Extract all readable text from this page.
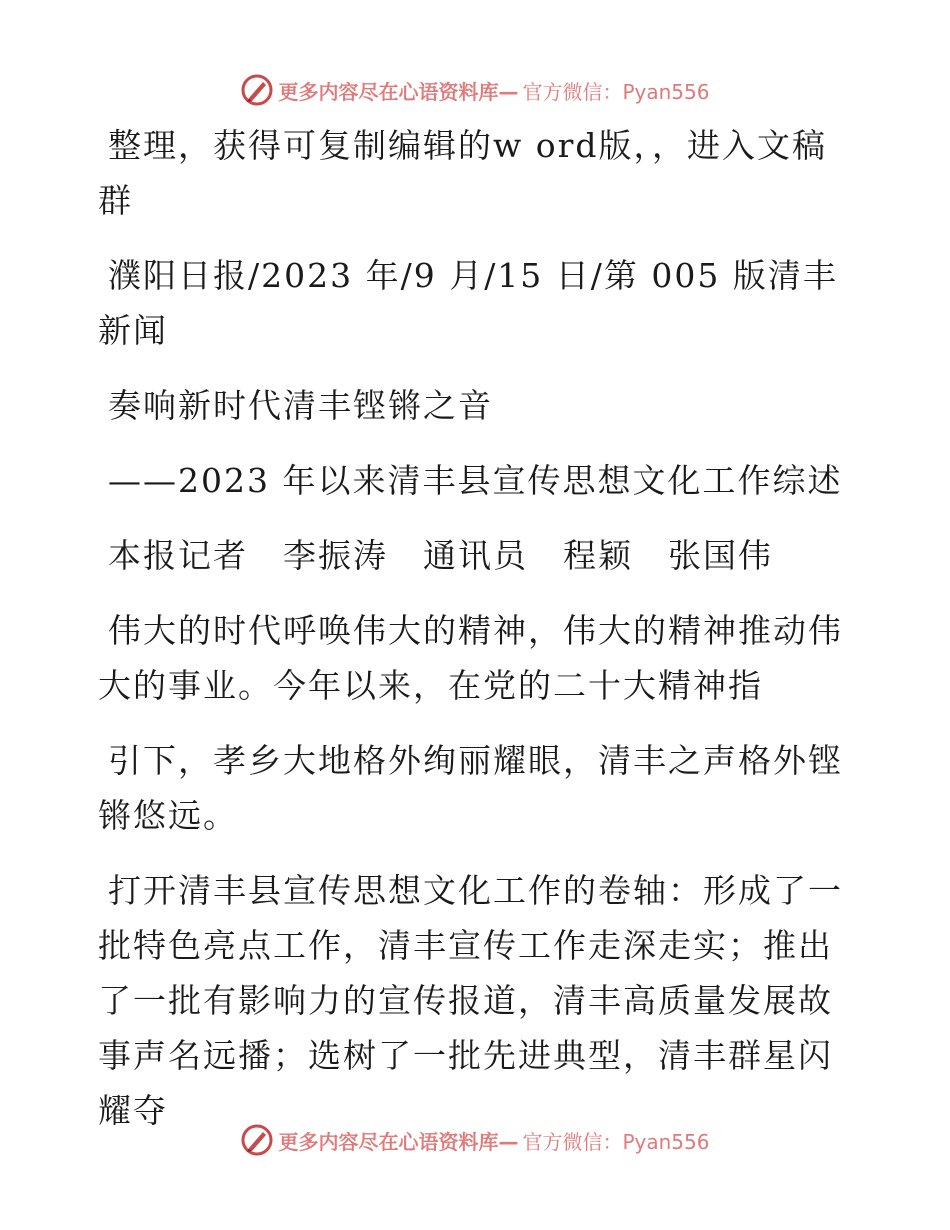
更多内容尽在心语资料库— 官方微信：Pyan556

整理，获得可复制编辑的w ord版，，进入文稿群

濮阳日报/2023 年/9 月/15 日/第 005 版清丰新闻

奏响新时代清丰铿锵之音

——2023 年以来清丰县宣传思想文化工作综述

本报记者　李振涛　通讯员　程颖　张国伟

伟大的时代呼唤伟大的精神，伟大的精神推动伟大的事业。今年以来，在党的二十大精神指

引下，孝乡大地格外绚丽耀眼，清丰之声格外铿锵悠远。

打开清丰县宣传思想文化工作的卷轴：形成了一批特色亮点工作，清丰宣传工作走深走实；推出了一批有影响力的宣传报道，清丰高质量发展故事声名远播；选树了一批先进典型，清丰群星闪耀夺

更多内容尽在心语资料库— 官方微信：Pyan556
